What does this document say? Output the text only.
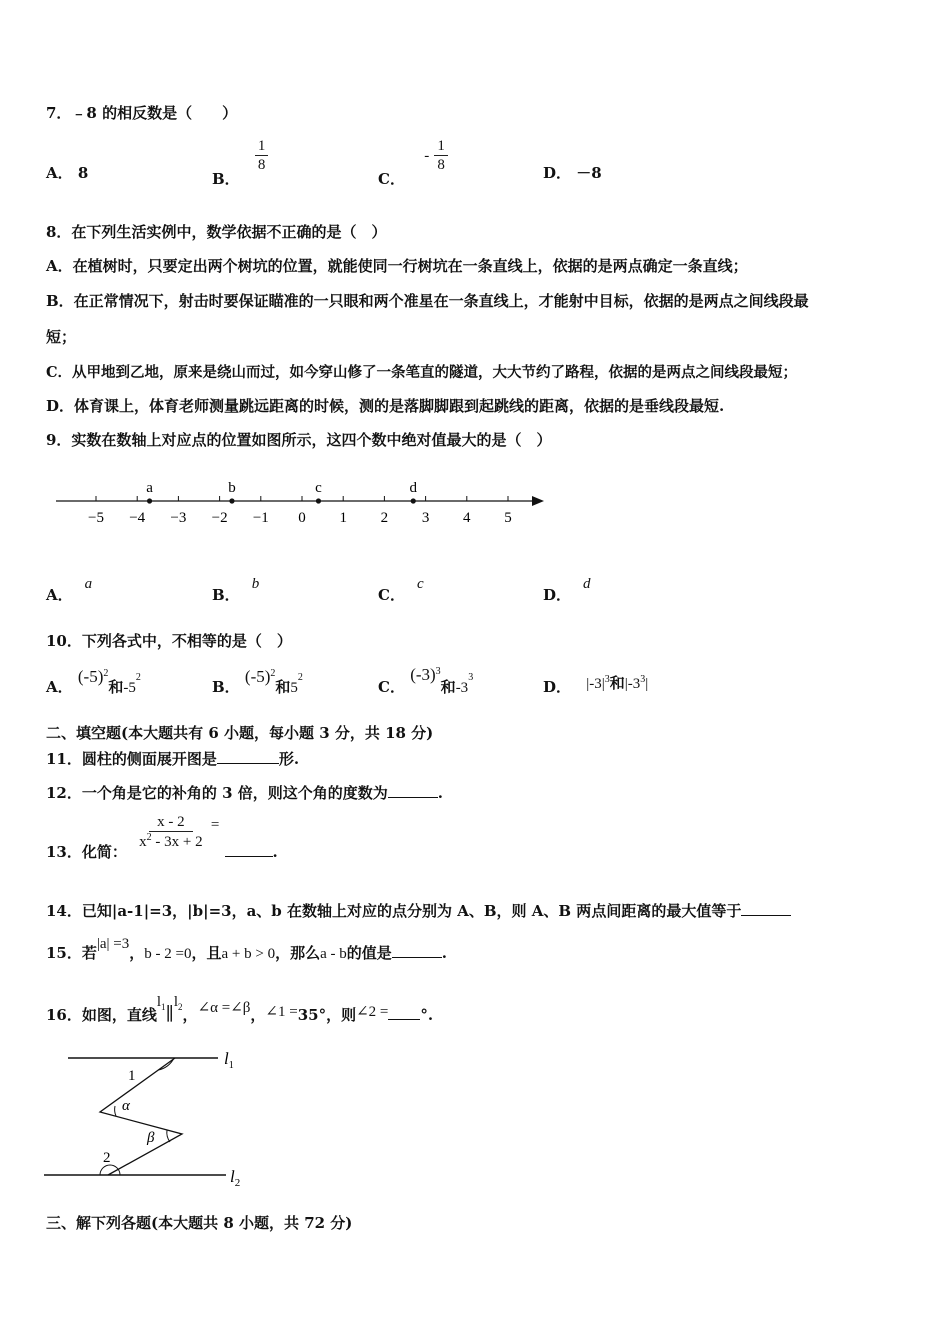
7．﹣8 的相反数是（　　）
A． 8	B．
$\frac{1}{8}$
C． - $\frac{1}{8}$	D． －8
8．在下列生活实例中，数学依据不正确的是（　）
A．在植树时，只要定出两个树坑的位置，就能使同一行树坑在一条直线上，依据的是两点确定一条直线；
B．在正常情况下，射击时要保证瞄准的一只眼和两个准星在一条直线上，才能射中目标，依据的是两点之间线段最
短；
C．从甲地到乙地，原来是绕山而过，如今穿山修了一条笔直的隧道，大大节约了路程，依据的是两点之间线段最短；
D．体育课上，体育老师测量跳远距离的时候，测的是落脚脚跟到起跳线的距离，依据的是垂线段最短.
9．实数在数轴上对应点的位置如图所示，这四个数中绝对值最大的是（　）
−5 −4 −3 −2 −1 0 1 2 3 4 5
a	b	c	d
A．a
B．b
C．c
D．d
10．下列各式中，不相等的是（　）
A． $(-5)^2$和$-5^2$
B． $(-5)^2$和$5^2$
C． $(-3)^3$和$-3^3$
D． $|-3|^3$和$|-3^3|$
二、填空题(本大题共有 6 小题，每小题 3 分，共 18 分)
11．圆柱的侧面展开图是	形.
12．一个角是它的补角的 3 倍，则这个角的度数为	.
13．化简：
$\frac{x - 2}{x^2 - 3x + 2}$ = .
14．已知|a-1|=3，|b|=3，a、b 在数轴上对应的点分别为 A、B，则 A、B 两点间距离的最大值等于
15．若|a| =3，b - 2 =0，且a + b > 0，那么a - b的值是	.
16．如图，直线$l_1\parallel l_2$，∠α =∠β，∠1 =35°，则∠2 = °.
$l_1$
$l_2$
1
α
β
2
三、解下列各题(本大题共 8 小题，共 72 分)
